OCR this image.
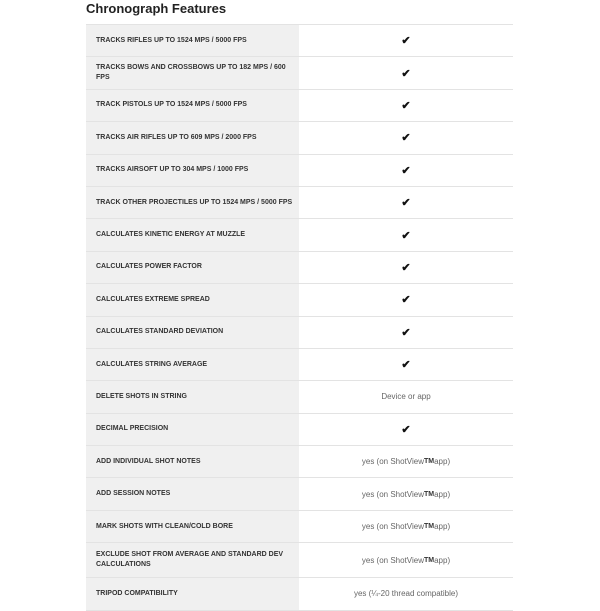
Chronograph Features
TRACKS RIFLES UP TO 1524 MPS / 5000 FPS	✔
TRACKS BOWS AND CROSSBOWS UP TO 182 MPS / 600 FPS	✔
TRACK PISTOLS UP TO 1524 MPS / 5000 FPS	✔
TRACKS AIR RIFLES UP TO 609 MPS / 2000 FPS	✔
TRACKS AIRSOFT UP TO 304 MPS / 1000 FPS	✔
TRACK OTHER PROJECTILES UP TO 1524 MPS / 5000 FPS	✔
CALCULATES KINETIC ENERGY AT MUZZLE	✔
CALCULATES POWER FACTOR	✔
CALCULATES EXTREME SPREAD	✔
CALCULATES STANDARD DEVIATION	✔
CALCULATES STRING AVERAGE	✔
DELETE SHOTS IN STRING	Device or app
DECIMAL PRECISION	✔
ADD INDIVIDUAL SHOT NOTES	yes (on ShotView TM app)
ADD SESSION NOTES	yes (on ShotView TM app)
MARK SHOTS WITH CLEAN/COLD BORE	yes (on ShotView TM app)
EXCLUDE SHOT FROM AVERAGE AND STANDARD DEV CALCULATIONS	yes (on ShotView TM app)
TRIPOD COMPATIBILITY	yes (¼-20 thread compatible)
